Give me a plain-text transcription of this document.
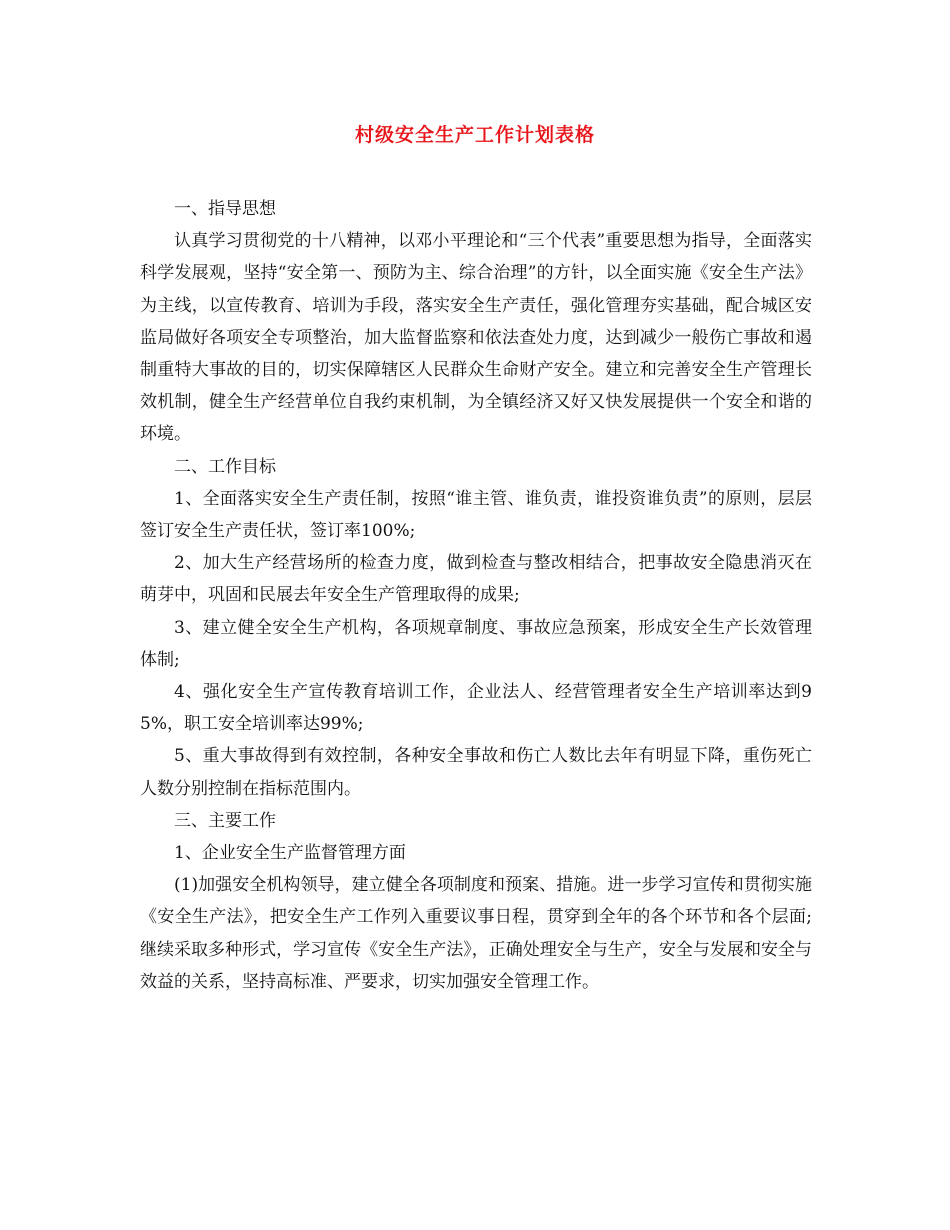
村级安全生产工作计划表格

一、指导思想

认真学习贯彻党的十八精神，以邓小平理论和“三个代表”重要思想为指导，全面落实科学发展观，坚持“安全第一、预防为主、综合治理”的方针，以全面实施《安全生产法》为主线，以宣传教育、培训为手段，落实安全生产责任，强化管理夯实基础，配合城区安监局做好各项安全专项整治，加大监督监察和依法查处力度，达到减少一般伤亡事故和遏制重特大事故的目的，切实保障辖区人民群众生命财产安全。建立和完善安全生产管理长效机制，健全生产经营单位自我约束机制，为全镇经济又好又快发展提供一个安全和谐的环境。

二、工作目标

1、全面落实安全生产责任制，按照“谁主管、谁负责，谁投资谁负责”的原则，层层签订安全生产责任状，签订率100%;

2、加大生产经营场所的检查力度，做到检查与整改相结合，把事故安全隐患消灭在萌芽中，巩固和民展去年安全生产管理取得的成果;

3、建立健全安全生产机构，各项规章制度、事故应急预案，形成安全生产长效管理体制;

4、强化安全生产宣传教育培训工作，企业法人、经营管理者安全生产培训率达到95%，职工安全培训率达99%;

5、重大事故得到有效控制，各种安全事故和伤亡人数比去年有明显下降，重伤死亡人数分别控制在指标范围内。

三、主要工作

1、企业安全生产监督管理方面

(1)加强安全机构领导，建立健全各项制度和预案、措施。进一步学习宣传和贯彻实施《安全生产法》，把安全生产工作列入重要议事日程，贯穿到全年的各个环节和各个层面;继续采取多种形式，学习宣传《安全生产法》，正确处理安全与生产，安全与发展和安全与效益的关系，坚持高标准、严要求，切实加强安全管理工作。
